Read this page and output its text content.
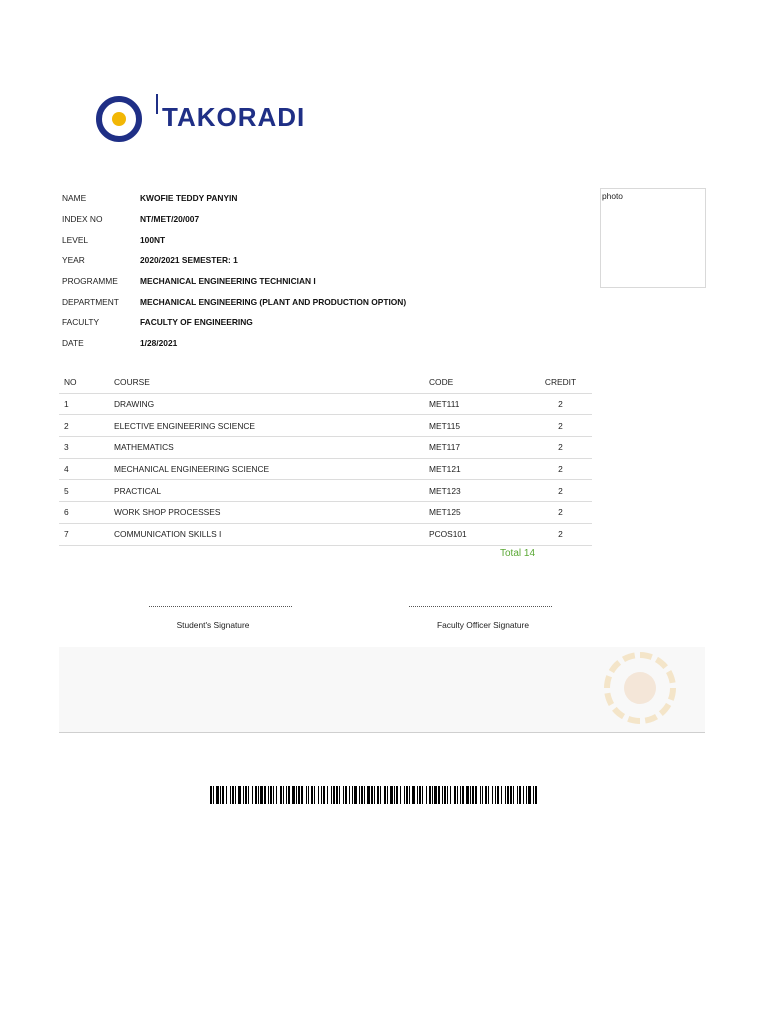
TAKORADI
NAME	KWOFIE TEDDY PANYIN
INDEX NO	NT/MET/20/007
LEVEL	100NT
YEAR	2020/2021 SEMESTER: 1
PROGRAMME	MECHANICAL ENGINEERING TECHNICIAN I
DEPARTMENT	MECHANICAL ENGINEERING (PLANT AND PRODUCTION OPTION)
FACULTY	FACULTY OF ENGINEERING
DATE	1/28/2021
photo
NO	COURSE	CODE	CREDIT
1	DRAWING	MET111	2
2	ELECTIVE ENGINEERING SCIENCE	MET115	2
3	MATHEMATICS	MET117	2
4	MECHANICAL ENGINEERING SCIENCE	MET121	2
5	PRACTICAL	MET123	2
6	WORK SHOP PROCESSES	MET125	2
7	COMMUNICATION SKILLS I	PCOS101	2
Total 14
Student's Signature	Faculty Officer Signature
